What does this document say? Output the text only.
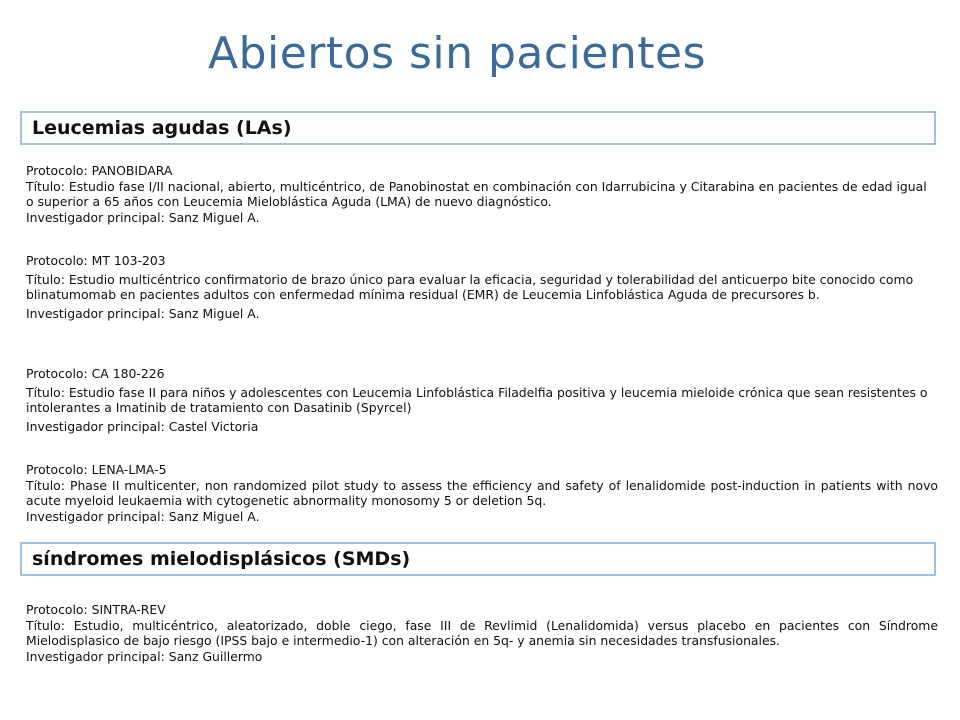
Abiertos sin pacientes
Leucemias agudas (LAs)

Protocolo: PANOBIDARA

Título: Estudio fase I/II nacional, abierto, multicéntrico, de Panobinostat en combinación con Idarrubicina y Citarabina en pacientes de edad igual o superior a 65 años con Leucemia Mieloblástica Aguda (LMA) de nuevo diagnóstico.

Investigador principal: Sanz Miguel A.

Protocolo: MT 103-203

Título: Estudio multicéntrico confirmatorio de brazo único para evaluar la eficacia, seguridad y tolerabilidad del anticuerpo bite conocido como blinatumomab en pacientes adultos con enfermedad mínima residual (EMR) de Leucemia Linfoblástica Aguda de precursores b.

Investigador principal: Sanz Miguel A.

Protocolo: CA 180-226

Título: Estudio fase II para niños y adolescentes con Leucemia Linfoblástica Filadelfia positiva y leucemia mieloide crónica que sean resistentes o intolerantes a Imatinib de tratamiento con Dasatinib (Spyrcel)

Investigador principal: Castel Victoria

Protocolo: LENA-LMA-5

Título: Phase II multicenter, non randomized pilot study to assess the efficiency and safety of lenalidomide post-induction in patients with novo acute myeloid leukaemia with cytogenetic abnormality monosomy 5 or deletion 5q.

Investigador principal: Sanz Miguel A.

síndromes mielodisplásicos (SMDs)

Protocolo: SINTRA-REV

Título: Estudio, multicéntrico, aleatorizado, doble ciego, fase III de Revlimid (Lenalidomida) versus placebo en pacientes con Síndrome Mielodisplasico de bajo riesgo (IPSS bajo e intermedio-1) con alteración en 5q- y anemia sin necesidades transfusionales.

Investigador principal: Sanz Guillermo
